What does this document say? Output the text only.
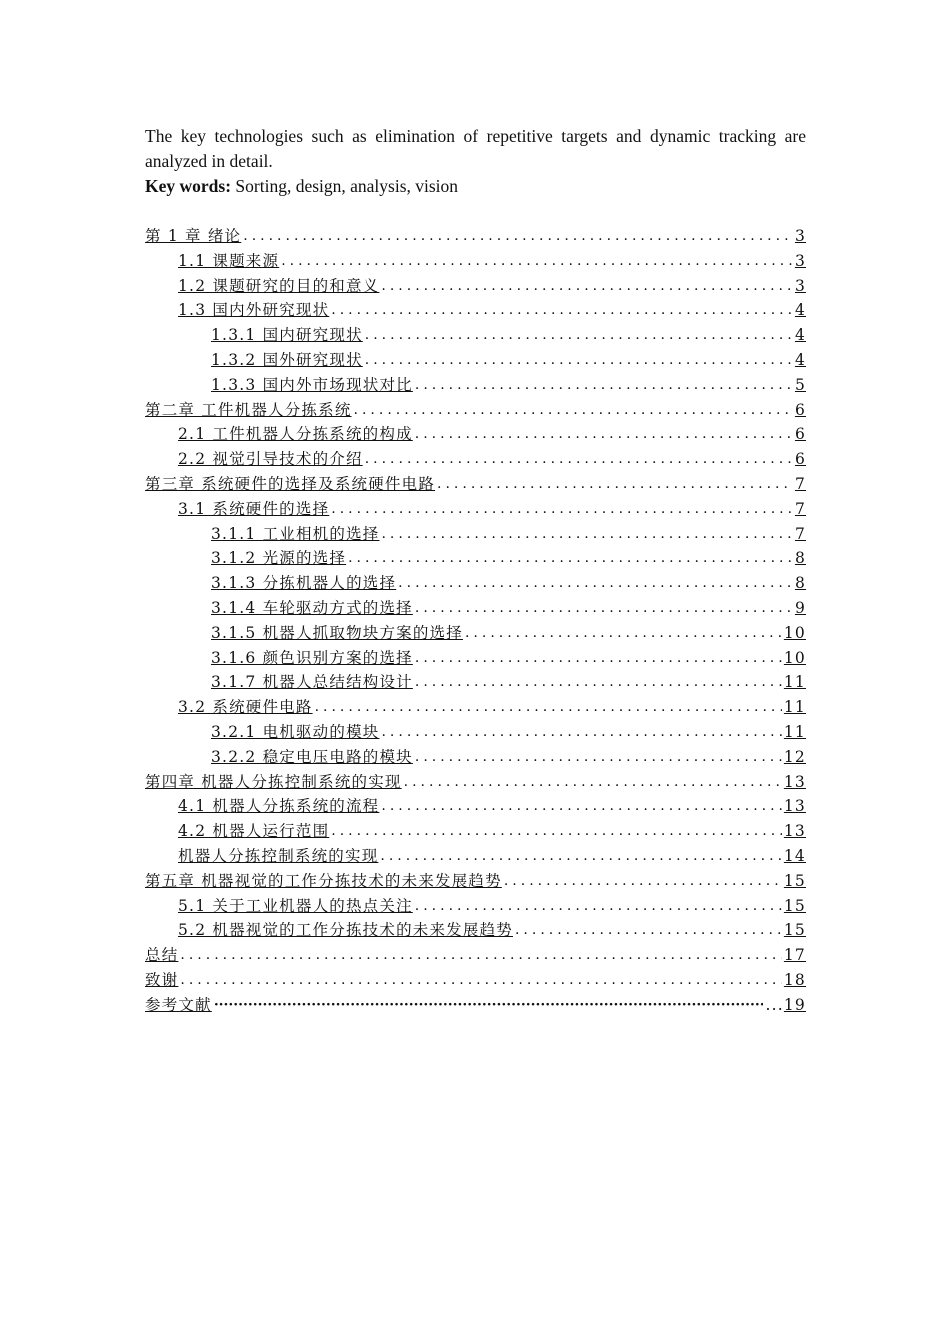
The key technologies such as elimination of repetitive targets and dynamic tracking are analyzed in detail.

Key words: Sorting, design, analysis, vision

第 1 章 绪论 .....	3
1.1 课题来源 .....	3
1.2 课题研究的目的和意义 .....	3
1.3 国内外研究现状 .....	4
1.3.1 国内研究现状 .....	4
1.3.2 国外研究现状 .....	4
1.3.3 国内外市场现状对比 .....	5
第二章 工件机器人分拣系统 .....	6
2.1 工件机器人分拣系统的构成 .....	6
2.2 视觉引导技术的介绍 .....	6
第三章 系统硬件的选择及系统硬件电路 .....	7
3.1 系统硬件的选择 .....	7
3.1.1 工业相机的选择 .....	7
3.1.2 光源的选择 .....	8
3.1.3 分拣机器人的选择 .....	8
3.1.4 车轮驱动方式的选择 .....	9
3.1.5 机器人抓取物块方案的选择 .....	10
3.1.6 颜色识别方案的选择 .....	10
3.1.7 机器人总结结构设计 .....	11
3.2 系统硬件电路 .....	11
3.2.1 电机驱动的模块 .....	11
3.2.2 稳定电压电路的模块 .....	12
第四章 机器人分拣控制系统的实现 .....	13
4.1 机器人分拣系统的流程 .....	13
4.2 机器人运行范围 .....	13
机器人分拣控制系统的实现 .....	14
第五章 机器视觉的工作分拣技术的未来发展趋势 .....	15
5.1 关于工业机器人的热点关注 .....	15
5.2 机器视觉的工作分拣技术的未来发展趋势 .....	15
总结 .....	17
致谢 .....	18
参考文献 ·····	... 19
